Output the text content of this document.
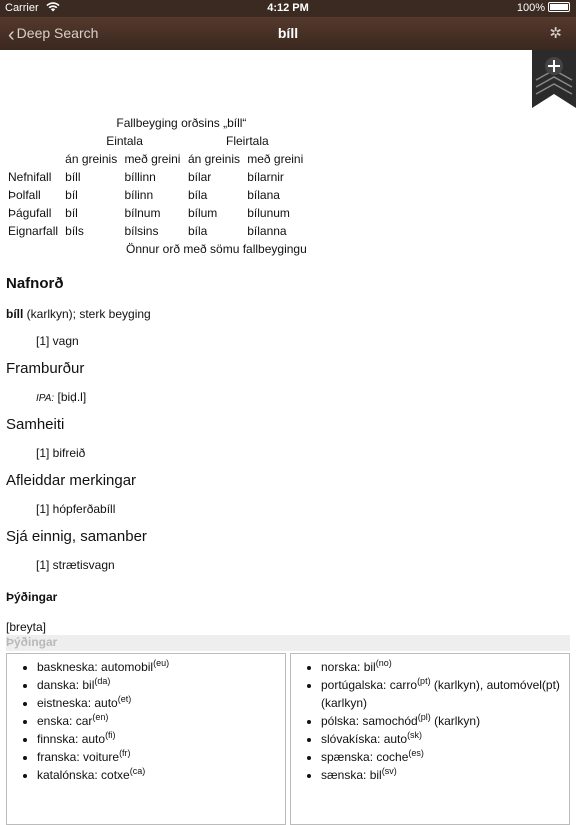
Carrier	4:12 PM	100%
‹ Deep Search	bíll	✲
Fallbeyging orðsins „bíll“				
	Eintala		Fleirtala	
	án greinis	með greini	án greinis	með greini
Nefnifall	bíll	bíllinn	bílar	bílarnir
Þolfall	bíl	bílinn	bíla	bílana
Þágufall	bíl	bílnum	bílum	bílunum
Eignarfall	bíls	bílsins	bíla	bílanna
Önnur orð með sömu fallbeygingu				
Nafnorð
bíll (karlkyn); sterk beyging
[1] vagn
Framburður
IPA: [biḍ.l]
Samheiti
[1] bifreið
Afleiddar merkingar
[1] hópferðabíll
Sjá einnig, samanber
[1] strætisvagn
Þýðingar
[breyta]
Þýðingar
• baskneska: automobil$^{(eu)}$
• danska: bil$^{(da)}$
• eistneska: auto$^{(et)}$
• enska: car$^{(en)}$
• finnska: auto$^{(fi)}$
• franska: voiture$^{(fr)}$
• katalónska: cotxe$^{(ca)}$
• norska: bil$^{(no)}$
• portúgalska: carro$^{(pt)}$ (karlkyn), automóvel(pt) (karlkyn)
• pólska: samochód$^{(pl)}$ (karlkyn)
• slóvakíska: auto$^{(sk)}$
• spænska: coche$^{(es)}$
• sænska: bil$^{(sv)}$
